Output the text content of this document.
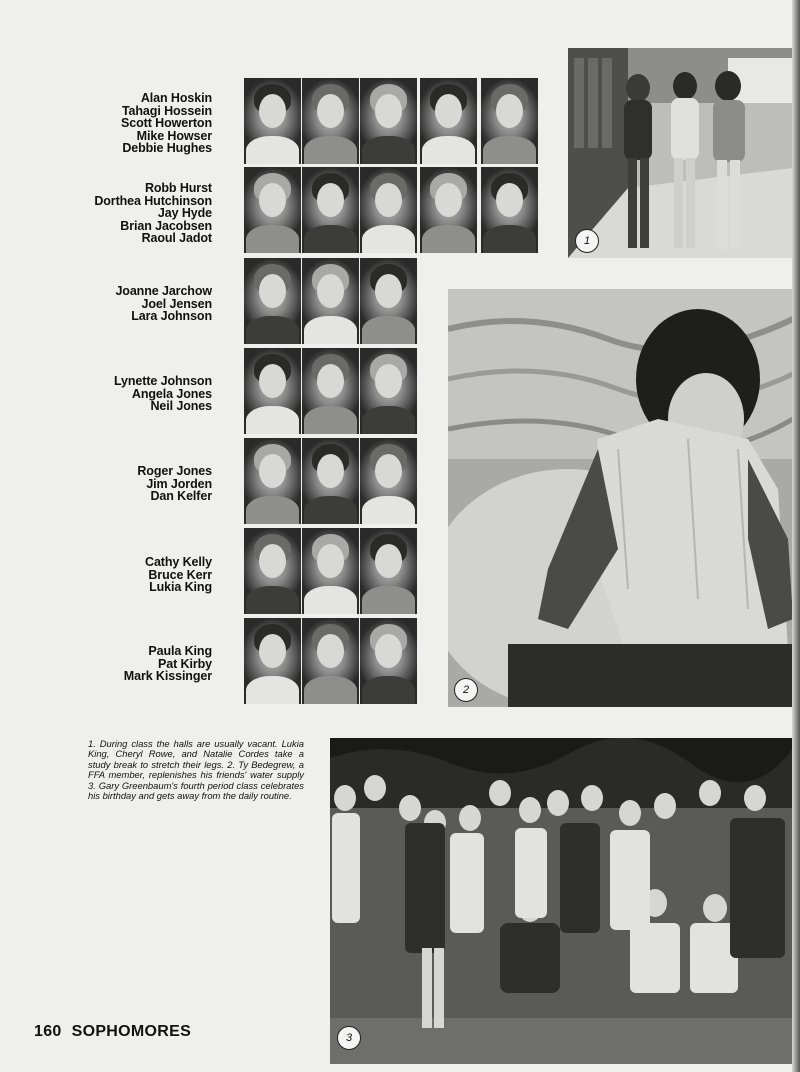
Alan Hoskin
Tahagi Hossein
Scott Howerton
Mike Howser
Debbie Hughes
Robb Hurst
Dorthea Hutchinson
Jay Hyde
Brian Jacobsen
Raoul Jadot
Joanne Jarchow
Joel Jensen
Lara Johnson
Lynette Johnson
Angela Jones
Neil Jones
Roger Jones
Jim Jorden
Dan Kelfer
Cathy Kelly
Bruce Kerr
Lukia King
Paula King
Pat Kirby
Mark Kissinger
1
2
1. During class the halls are usually vacant. Lukia King, Cheryl Rowe, and Natalie Cordes take a study break to stretch their legs. 2. Ty Bedegrew, a FFA member, replenishes his friends' water supply 3. Gary Greenbaum's fourth period class celebrates his birthday and gets away from the daily routine.
3
160 SOPHOMORES
